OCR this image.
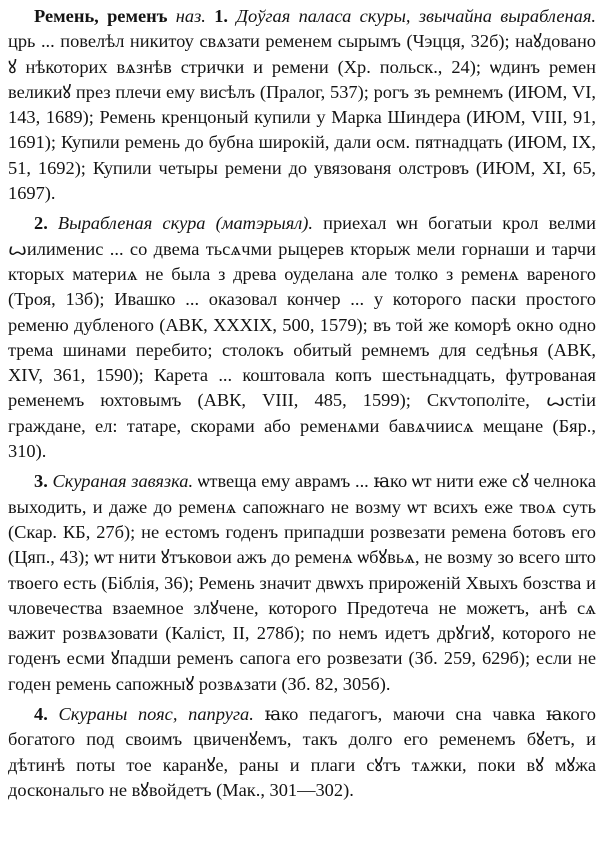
Ремень, ременъ наз. 1. Доўгая паласа скуры, звычайна вырабленая. црь ... повелѣл никитоу свѧзати ременем сырымъ (Чэцця, 32б); наꙋдовано ꙋ нѣкоторих вѧзнѣв стрички и ремени (Хр. польск., 24); ѡдинъ ремен великиꙋ през плечи ему висѣлъ (Пралог, 537); рогъ зъ ремнемъ (ИЮМ, VI, 143, 1689); Ремень кренцоный купили у Марка Шиндера (ИЮМ, VIII, 91, 1691); Купили ремень до бубна широкій, дали осм. пятнадцать (ИЮМ, IX, 51, 1692); Купили четыры ремени до увязованя олстровъ (ИЮМ, XI, 65, 1697).

2. Вырабленая скура (матэрыял). приехал ѡн богатыи крол велми ꙍилименис ... со двема тьсѧчми рыцерев кторыж мели горнаши и тарчи кторых материѧ не была з древа оуделана але толко з ременѧ вареного (Троя, 13б); Ивашко ... оказовал кончер ... у которого паски простого ременю дубленого (АВК, XXXIX, 500, 1579); въ той же коморѣ окно одно трема шинами перебито; столокъ обитый ремнемъ для седѣнья (АВК, XIV, 361, 1590); Карета ... коштовала копъ шестьнадцать, футрованая ременемъ юхтовымъ (АВК, VIII, 485, 1599); Скѵтополіте, ꙍстіи граждане, ел: татаре, скорами або ременѧми бавѧчиисѧ мещане (Бяр., 310).

3. Скураная завязка. ѡтвеща ему аврамъ ... ꙗко ѡт нити еже сꙋ челнока выходить, и даже до ременѧ сапожнаго не возму ѡт всихъ еже твоѧ суть (Скар. КБ, 27б); не естомъ годенъ припадши розвезати ремена ботовъ его (Цяп., 43); ѡт нити ꙋтъковои ажъ до ременѧ ѡбꙋвьѧ, не возму зо всего што твоего есть (Біблія, 36); Ремень значит двѡхъ прироженій Хвыхъ бозства и чловечества взаемное злꙋчене, которого Предотеча не можетъ, анѣ сѧ важит розвѧзовати (Каліст, II, 278б); по немъ идетъ дрꙋгиꙋ, которого не годенъ есми ꙋпадши ременъ сапога его розвезати (Зб. 259, 629б); если не годен ремень сапожныꙋ розвѧзати (Зб. 82, 305б).

4. Скураны пояс, папруга. ꙗко педагогъ, маючи сна чавка ꙗкого богатого под своимъ цвиченꙋемъ, такъ долго его ременемъ бꙋетъ, и дѣтинѣ поты тое каранꙋе, раны и плаги сꙋтъ тѧжки, поки вꙋ мꙋжа доскональго не вꙋвойдетъ (Мак., 301—302).
